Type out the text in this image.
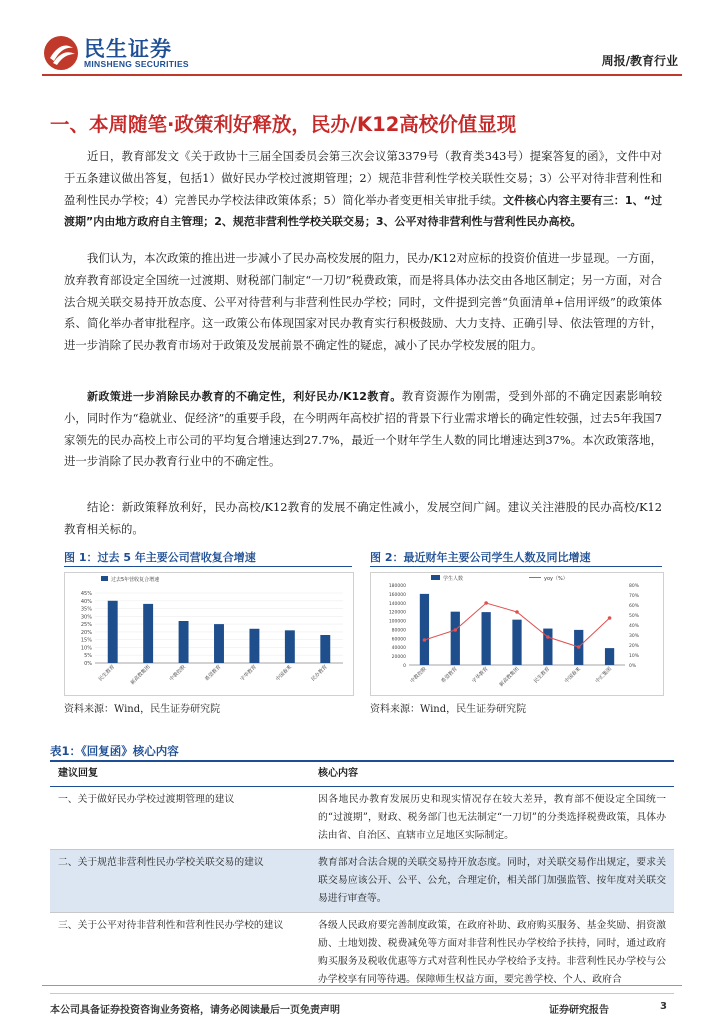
民生证券
MINSHENG SECURITIES	周报/教育行业
一、本周随笔·政策利好释放，民办/K12高校价值显现

近日，教育部发文《关于政协十三届全国委员会第三次会议第3379号（教育类343号）提案答复的函》，文件中对于五条建议做出答复，包括1）做好民办学校过渡期管理；2）规范非营利性学校关联性交易；3）公平对待非营利性和盈利性民办学校；4）完善民办学校法律政策体系；5）简化举办者变更相关审批手续。文件核心内容主要有三：1、“过渡期”内由地方政府自主管理；2、规范非营利性学校关联交易；3、公平对待非营利性与营利性民办高校。

我们认为，本次政策的推出进一步减小了民办高校发展的阻力，民办/K12对应标的投资价值进一步显现。一方面，放弃教育部设定全国统一过渡期、财税部门制定“一刀切”税费政策，而是将具体办法交由各地区制定；另一方面，对合法合规关联交易持开放态度、公平对待营利与非营利性民办学校；同时，文件提到完善“负面清单+信用评级”的政策体系、简化举办者审批程序。这一政策公布体现国家对民办教育实行积极鼓励、大力支持、正确引导、依法管理的方针，进一步消除了民办教育市场对于政策及发展前景不确定性的疑虑，减小了民办学校发展的阻力。

新政策进一步消除民办教育的不确定性，利好民办/K12教育。教育资源作为刚需，受到外部的不确定因素影响较小，同时作为“稳就业、促经济”的重要手段，在今明两年高校扩招的背景下行业需求增长的确定性较强，过去5年我国7家领先的民办高校上市公司的平均复合增速达到27.7%，最近一个财年学生人数的同比增速达到37%。本次政策落地，进一步消除了民办教育行业中的不确定性。

结论：新政策释放利好，民办高校/K12教育的发展不确定性减小，发展空间广阔。建议关注港股的民办高校/K12教育相关标的。

图 1：过去 5 年主要公司营收复合增速
过去5年营收复合增速
0%
5%
10%
15%
20%
25%
30%
35%
40%
45%
民生教育	新高教集团	中教控股	希望教育	宇华教育	中国春来	民办教育
资料来源：Wind，民生证券研究院
图 2：最近财年主要公司学生人数及同比增速
学生人数	yoy（%）
0
20000
40000
60000
80000
100000
120000
140000
160000
180000
0%
10%
20%
30%
40%
50%
60%
70%
80%
中教控股 希望教育 宇华教育 新高教集团 民生教育 中国春来 中汇集团
资料来源：Wind，民生证券研究院
表1：《回复函》核心内容
建议回复	核心内容
一、关于做好民办学校过渡期管理的建议	因各地民办教育发展历史和现实情况存在较大差异，教育部不便设定全国统一的“过渡期”，财政、税务部门也无法制定“一刀切”的分类选择税费政策，具体办法由省、自治区、直辖市立足地区实际制定。
二、关于规范非营利性民办学校关联交易的建议	教育部对合法合规的关联交易持开放态度。同时，对关联交易作出规定，要求关联交易应该公开、公平、公允，合理定价，相关部门加强监管、按年度对关联交易进行审查等。
三、关于公平对待非营利性和营利性民办学校的建议	各级人民政府要完善制度政策，在政府补助、政府购买服务、基金奖励、捐资激励、土地划拨、税费减免等方面对非营利性民办学校给予扶持，同时，通过政府购买服务及税收优惠等方式对营利性民办学校给予支持。非营利性民办学校与公办学校享有同等待遇。保障师生权益方面，要完善学校、个人、政府合
本公司具备证券投资咨询业务资格，请务必阅读最后一页免责声明	证券研究报告	3
